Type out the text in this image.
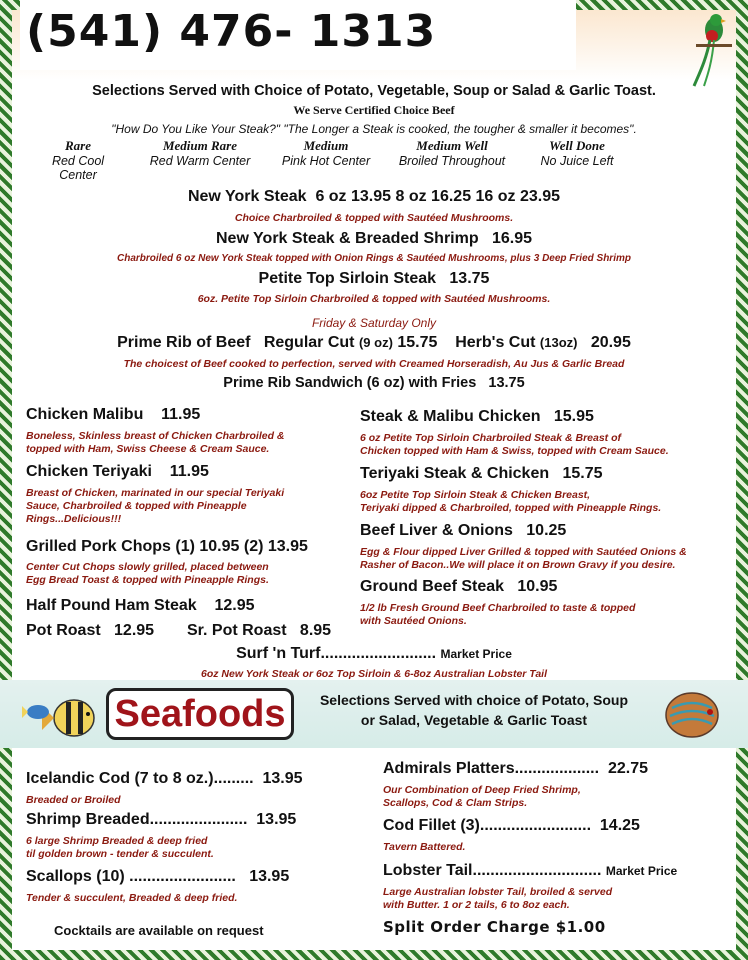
(541) 476- 1313
Selections Served with Choice of Potato, Vegetable, Soup or Salad & Garlic Toast.
We Serve Certified Choice Beef
"How Do You Like Your Steak?" "The Longer a Steak is cooked, the tougher & smaller it becomes".
Rare
Red Cool Center
Medium Rare
Red Warm Center
Medium
Pink Hot Center
Medium Well
Broiled Throughout
Well Done
No Juice Left
New York Steak 6 oz 13.95 8 oz 16.25 16 oz 23.95
Choice Charbroiled & topped with Sautéed Mushrooms.
New York Steak & Breaded Shrimp 16.95
Charbroiled 6 oz New York Steak topped with Onion Rings & Sautéed Mushrooms, plus 3 Deep Fried Shrimp
Petite Top Sirloin Steak 13.75
6oz. Petite Top Sirloin Charbroiled & topped with Sautéed Mushrooms.
Friday & Saturday Only
Prime Rib of Beef Regular Cut (9 oz) 15.75 Herb's Cut (13oz) 20.95
The choicest of Beef cooked to perfection, served with Creamed Horseradish, Au Jus & Garlic Bread
Prime Rib Sandwich (6 oz) with Fries 13.75
Chicken Malibu 11.95
Boneless, Skinless breast of Chicken Charbroiled &
topped with Ham, Swiss Cheese & Cream Sauce.
Chicken Teriyaki 11.95
Breast of Chicken, marinated in our special Teriyaki
Sauce, Charbroiled & topped with Pineapple
Rings...Delicious!!!
Grilled Pork Chops (1) 10.95 (2) 13.95
Center Cut Chops slowly grilled, placed between
Egg Bread Toast & topped with Pineapple Rings.
Half Pound Ham Steak 12.95
Pot Roast 12.95 Sr. Pot Roast 8.95
Steak & Malibu Chicken 15.95
6 oz Petite Top Sirloin Charbroiled Steak & Breast of
Chicken topped with Ham & Swiss, topped with Cream Sauce.
Teriyaki Steak & Chicken 15.75
6oz Petite Top Sirloin Steak & Chicken Breast,
Teriyaki dipped & Charbroiled, topped with Pineapple Rings.
Beef Liver & Onions 10.25
Egg & Flour dipped Liver Grilled & topped with Sautéed Onions &
Rasher of Bacon..We will place it on Brown Gravy if you desire.
Ground Beef Steak 10.95
1/2 lb Fresh Ground Beef Charbroiled to taste & topped
with Sautéed Onions.
Surf 'n Turf.......................... Market Price
6oz New York Steak or 6oz Top Sirloin & 6-8oz Australian Lobster Tail
Seafoods	Selections Served with choice of Potato, Soup
or Salad, Vegetable & Garlic Toast
Icelandic Cod (7 to 8 oz.)......... 13.95
Breaded or Broiled
Shrimp Breaded...................... 13.95
6 large Shrimp Breaded & deep fried
til golden brown - tender & succulent.
Scallops (10) ........................ 13.95
Tender & succulent, Breaded & deep fried.
Admirals Platters................... 22.75
Our Combination of Deep Fried Shrimp,
Scallops, Cod & Clam Strips.
Cod Fillet (3)......................... 14.25
Tavern Battered.
Lobster Tail............................. Market Price
Large Australian lobster Tail, broiled & served
with Butter. 1 or 2 tails, 6 to 8oz each.
Cocktails are available on request	Split Order Charge $1.00
